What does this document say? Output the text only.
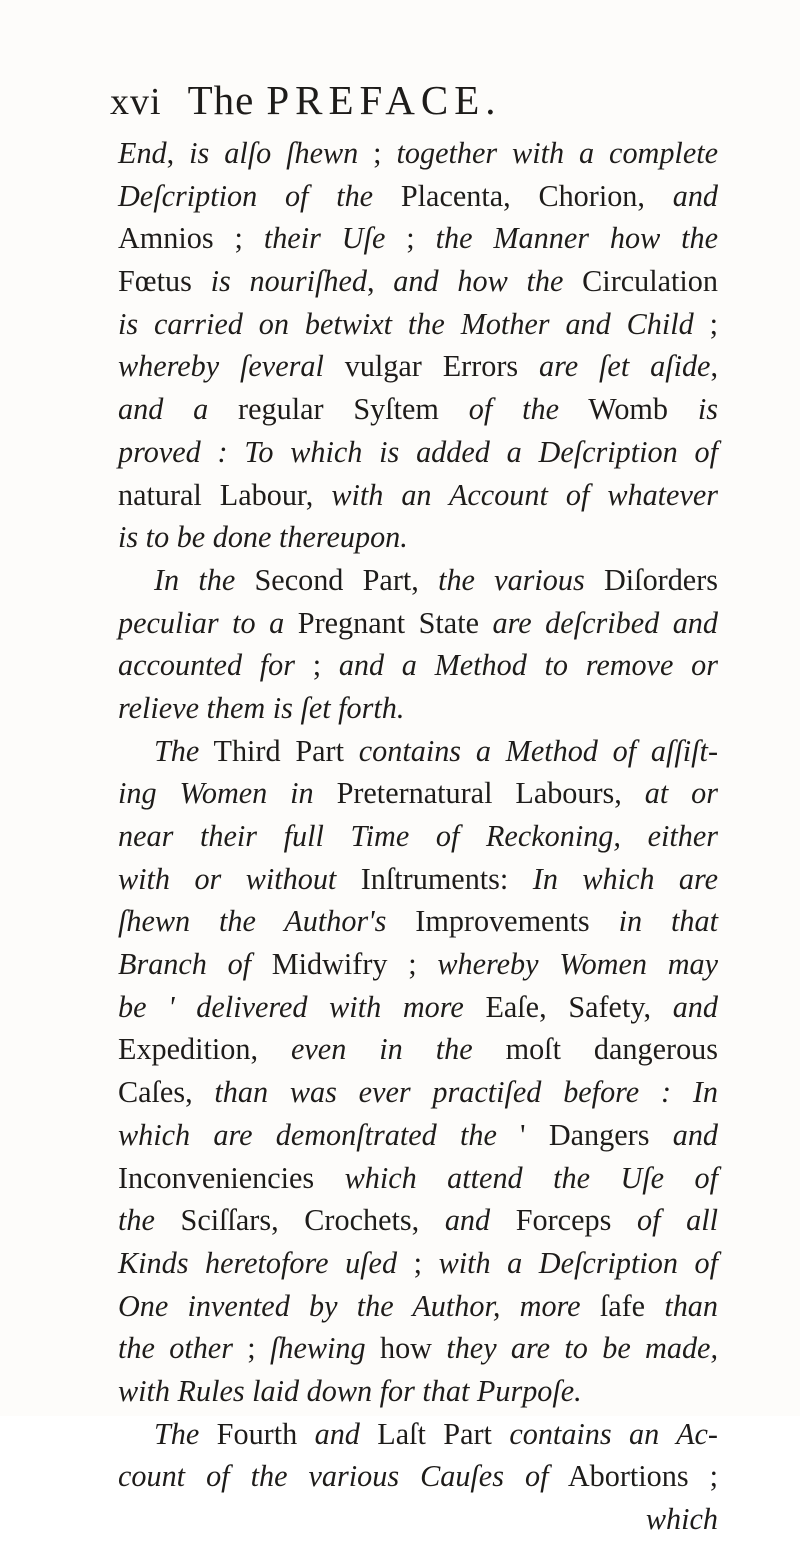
xvi The PREFACE.
End, is alſo ſhewn ; together with a complete
Deſcription of the Placenta, Chorion, and
Amnios ; their Uſe ; the Manner how the
Fœtus is nouriſhed, and how the Circulation
is carried on betwixt the Mother and Child ;
whereby ſeveral vulgar Errors are ſet aſide,
and a regular Syſtem of the Womb is
proved : To which is added a Deſcription of
natural Labour, with an Account of whatever
is to be done thereupon.
In the Second Part, the various Diſorders
peculiar to a Pregnant State are deſcribed and
accounted for ; and a Method to remove or
relieve them is ſet forth.
The Third Part contains a Method of aſſiſt-
ing Women in Preternatural Labours, at or
near their full Time of Reckoning, either
with or without Inſtruments: In which are
ſhewn the Author's Improvements in that
Branch of Midwifry ; whereby Women may
be ' delivered with more Eaſe, Safety, and
Expedition, even in the moſt dangerous
Caſes, than was ever practiſed before : In
which are demonſtrated the ' Dangers and
Inconveniencies which attend the Uſe of
the Sciſſars, Crochets, and Forceps of all
Kinds heretofore uſed ; with a Deſcription of
One invented by the Author, more ſafe than
the other ; ſhewing how they are to be made,
with Rules laid down for that Purpoſe.
The Fourth and Laſt Part contains an Ac-
count of the various Cauſes of Abortions ;
which
